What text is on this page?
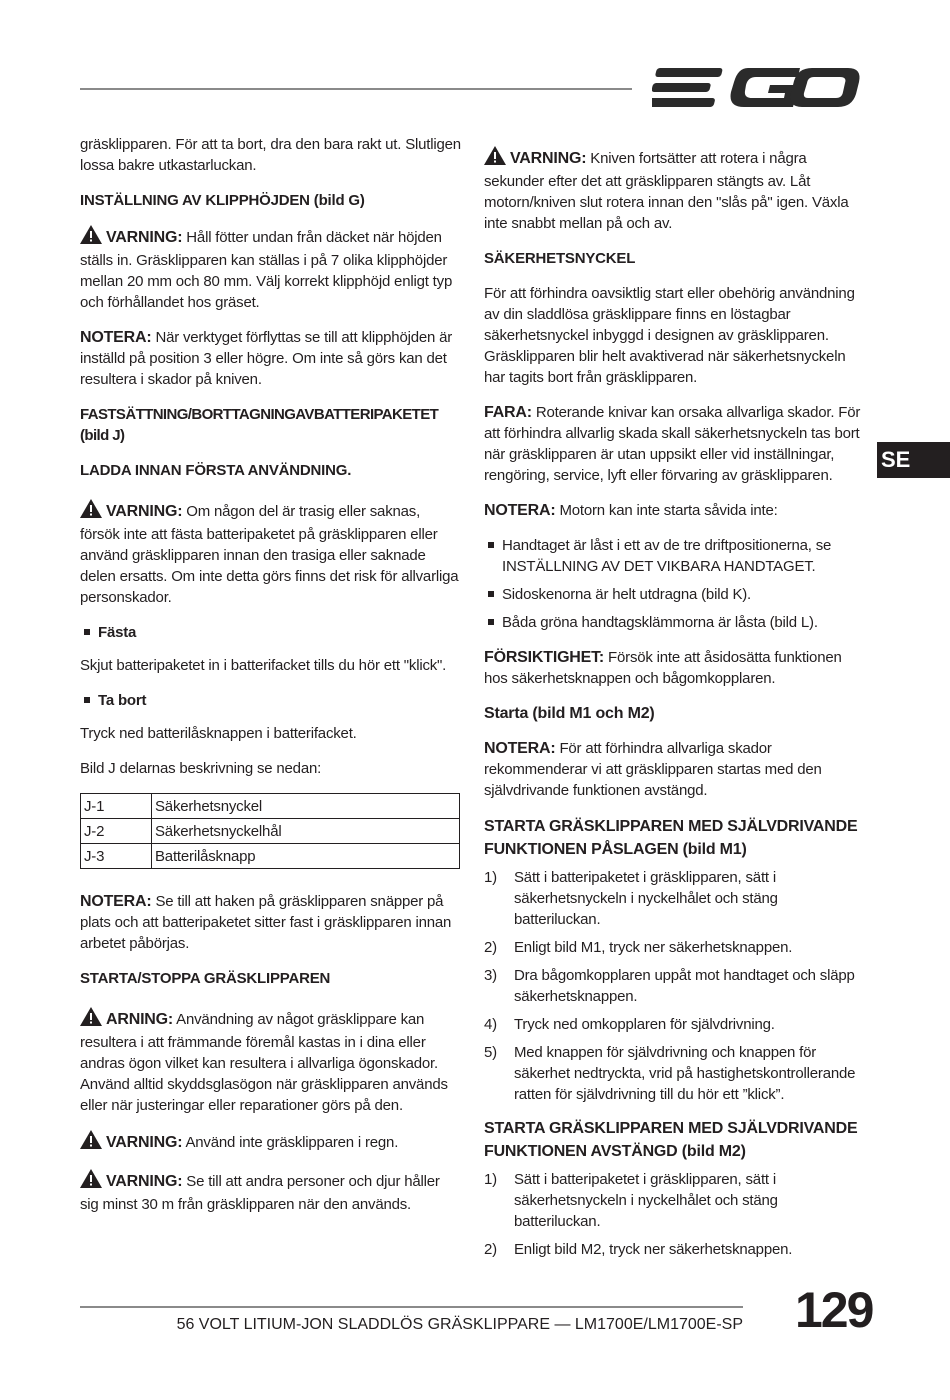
gräsklipparen. För att ta bort, dra den bara rakt ut. Slutligen lossa bakre utkastarluckan.

INSTÄLLNING AV KLIPPHÖJDEN (bild G)

VARNING: Håll fötter undan från däcket när höjden ställs in. Gräsklipparen kan ställas i på 7 olika klipphöjder mellan 20 mm och 80 mm. Välj korrekt klipphöjd enligt typ och förhållandet hos gräset.

NOTERA: När verktyget förflyttas se till att klipphöjden är inställd på position 3 eller högre. Om inte så görs kan det resultera i skador på kniven.

FASTSÄTTNING/BORTTAGNINGAVBATTERIPAKETET (bild J)
LADDA INNAN FÖRSTA ANVÄNDNING.

VARNING: Om någon del är trasig eller saknas, försök inte att fästa batteripaketet på gräsklipparen eller använd gräsklipparen innan den trasiga eller saknade delen ersatts. Om inte detta görs finns det risk för allvarliga personskador.

Fästa

Skjut batteripaketet in i batterifacket tills du hör ett "klick".

Ta bort

Tryck ned batterilåsknappen i batterifacket.

Bild J delarnas beskrivning se nedan:

J-1	Säkerhetsnyckel
J-2	Säkerhetsnyckelhål
J-3	Batterilåsknapp

NOTERA: Se till att haken på gräsklipparen snäpper på plats och att batteripaketet sitter fast i gräsklipparen innan arbetet påbörjas.

STARTA/STOPPA GRÄSKLIPPAREN

ARNING: Användning av något gräsklippare kan resultera i att främmande föremål kastas in i dina eller andras ögon vilket kan resultera i allvarliga ögonskador. Använd alltid skyddsglasögon när gräsklipparen används eller när justeringar eller reparationer görs på den.

VARNING: Använd inte gräsklipparen i regn.

VARNING: Se till att andra personer och djur håller sig minst 30 m från gräsklipparen när den används.

VARNING: Kniven fortsätter att rotera i några sekunder efter det att gräsklipparen stängts av. Låt motorn/kniven slut rotera innan den "slås på" igen. Växla inte snabbt mellan på och av.

SÄKERHETSNYCKEL

För att förhindra oavsiktlig start eller obehörig användning av din sladdlösa gräsklippare finns en löstagbar säkerhetsnyckel inbyggd i designen av gräsklipparen. Gräsklipparen blir helt avaktiverad när säkerhetsnyckeln har tagits bort från gräsklipparen.

FARA: Roterande knivar kan orsaka allvarliga skador. För att förhindra allvarlig skada skall säkerhetsnyckeln tas bort när gräsklipparen är utan uppsikt eller vid inställningar, rengöring, service, lyft eller förvaring av gräsklipparen.

NOTERA: Motorn kan inte starta såvida inte:

Handtaget är låst i ett av de tre driftpositionerna, se INSTÄLLNING AV DET VIKBARA HANDTAGET.
Sidoskenorna är helt utdragna (bild K).
Båda gröna handtagsklämmorna är låsta (bild L).

FÖRSIKTIGHET: Försök inte att åsidosätta funktionen hos säkerhetsknappen och bågomkopplaren.

Starta (bild M1 och M2)

NOTERA: För att förhindra allvarliga skador rekommenderar vi att gräsklipparen startas med den självdrivande funktionen avstängd.

STARTA GRÄSKLIPPAREN MED SJÄLVDRIVANDE FUNKTIONEN PÅSLAGEN (bild M1)
1) Sätt i batteripaketet i gräsklipparen, sätt i säkerhetsnyckeln i nyckelhålet och stäng batteriluckan.
2) Enligt bild M1, tryck ner säkerhetsknappen.
3) Dra bågomkopplaren uppåt mot handtaget och släpp säkerhetsknappen.
4) Tryck ned omkopplaren för självdrivning.
5) Med knappen för självdrivning och knappen för säkerhet nedtryckta, vrid på hastighetskontrollerande ratten för självdrivning till du hör ett ”klick”.
STARTA GRÄSKLIPPAREN MED SJÄLVDRIVANDE FUNKTIONEN AVSTÄNGD (bild M2)
1) Sätt i batteripaketet i gräsklipparen, sätt i säkerhetsnyckeln i nyckelhålet och stäng batteriluckan.
2) Enligt bild M2, tryck ner säkerhetsknappen.
SE
56 VOLT LITIUM-JON SLADDLÖS GRÄSKLIPPARE — LM1700E/LM1700E-SP 129
